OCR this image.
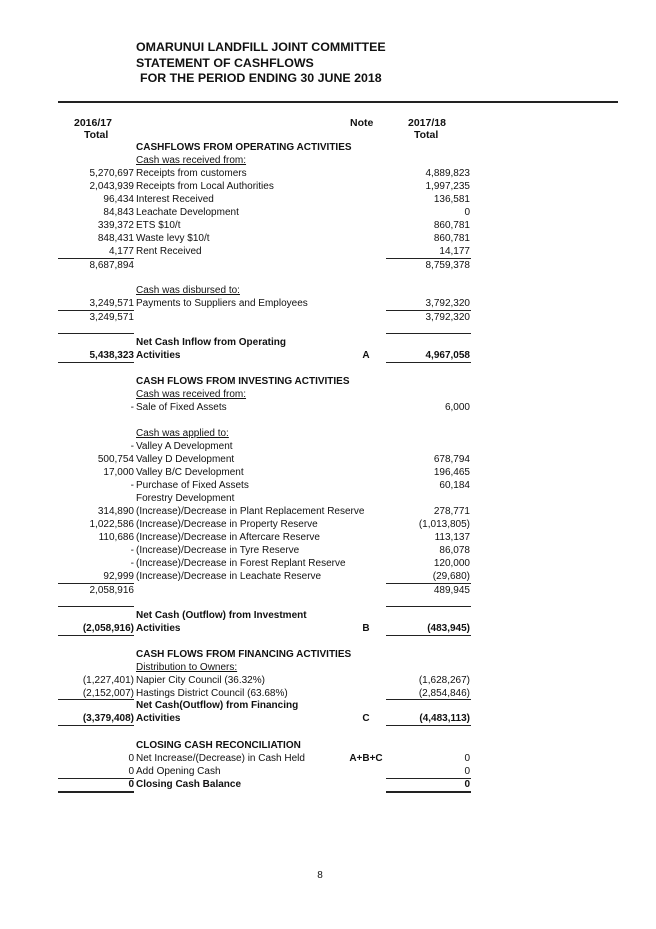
OMARUNUI LANDFILL JOINT COMMITTEE
STATEMENT OF CASHFLOWS
FOR THE PERIOD ENDING 30 JUNE 2018
2016/17
Total
Note	2017/18
Total
CASHFLOWS FROM OPERATING ACTIVITIES
Cash was received from:
5,270,697 Receipts from customers	4,889,823
2,043,939 Receipts from Local Authorities	1,997,235
96,434 Interest Received	136,581
84,843 Leachate Development	0
339,372 ETS $10/t	860,781
848,431 Waste levy $10/t	860,781
4,177 Rent Received	14,177
8,687,894	8,759,378
Cash was disbursed to:
3,249,571 Payments to Suppliers and Employees	3,792,320
3,249,571	3,792,320
Net Cash Inflow from Operating
5,438,323 Activities	A	4,967,058
CASH FLOWS FROM INVESTING ACTIVITIES
Cash was received from:
- Sale of Fixed Assets	6,000
Cash was applied to:
- Valley A Development
500,754 Valley D Development	678,794
17,000 Valley B/C Development	196,465
- Purchase of Fixed Assets	60,184
Forestry Development
314,890 (Increase)/Decrease in Plant Replacement Reserve	278,771
1,022,586 (Increase)/Decrease in Property Reserve	(1,013,805)
110,686 (Increase)/Decrease in Aftercare Reserve	113,137
- (Increase)/Decrease in Tyre Reserve	86,078
- (Increase)/Decrease in Forest Replant Reserve	120,000
92,999 (Increase)/Decrease in Leachate Reserve	(29,680)
2,058,916	489,945
Net Cash (Outflow) from Investment
(2,058,916) Activities	B	(483,945)
CASH FLOWS FROM FINANCING ACTIVITIES
Distribution to Owners:
(1,227,401) Napier City Council (36.32%)	(1,628,267)
(2,152,007) Hastings District Council (63.68%)	(2,854,846)
Net Cash(Outflow) from Financing
(3,379,408) Activities	C	(4,483,113)
CLOSING CASH RECONCILIATION
0 Net Increase/(Decrease) in Cash Held	A+B+C	0
0 Add Opening Cash	0
0 Closing Cash Balance	0
8
